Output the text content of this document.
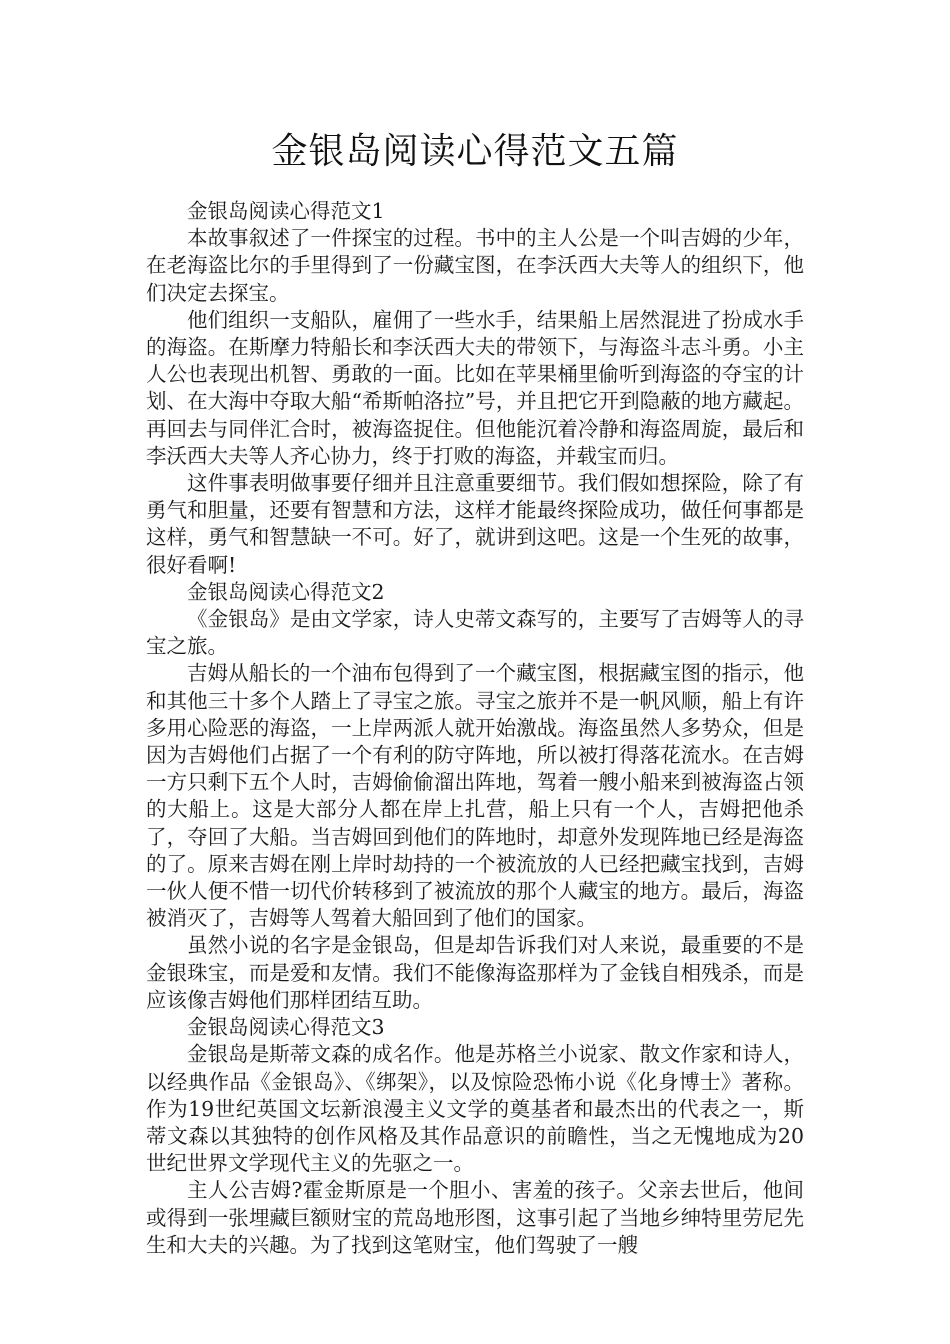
金银岛阅读心得范文五篇

金银岛阅读心得范文1

本故事叙述了一件探宝的过程。书中的主人公是一个叫吉姆的少年，在老海盗比尔的手里得到了一份藏宝图，在李沃西大夫等人的组织下，他们决定去探宝。

他们组织一支船队，雇佣了一些水手，结果船上居然混进了扮成水手的海盗。在斯摩力特船长和李沃西大夫的带领下，与海盗斗志斗勇。小主人公也表现出机智、勇敢的一面。比如在苹果桶里偷听到海盗的夺宝的计划、在大海中夺取大船“希斯帕洛拉”号，并且把它开到隐蔽的地方藏起。再回去与同伴汇合时，被海盗捉住。但他能沉着冷静和海盗周旋，最后和李沃西大夫等人齐心协力，终于打败的海盗，并载宝而归。

这件事表明做事要仔细并且注意重要细节。我们假如想探险，除了有勇气和胆量，还要有智慧和方法，这样才能最终探险成功，做任何事都是这样，勇气和智慧缺一不可。好了，就讲到这吧。这是一个生死的故事，很好看啊!

金银岛阅读心得范文2

《金银岛》是由文学家，诗人史蒂文森写的，主要写了吉姆等人的寻宝之旅。

吉姆从船长的一个油布包得到了一个藏宝图，根据藏宝图的指示，他和其他三十多个人踏上了寻宝之旅。寻宝之旅并不是一帆风顺，船上有许多用心险恶的海盗，一上岸两派人就开始激战。海盗虽然人多势众，但是因为吉姆他们占据了一个有利的防守阵地，所以被打得落花流水。在吉姆一方只剩下五个人时，吉姆偷偷溜出阵地，驾着一艘小船来到被海盗占领的大船上。这是大部分人都在岸上扎营，船上只有一个人，吉姆把他杀了，夺回了大船。当吉姆回到他们的阵地时，却意外发现阵地已经是海盗的了。原来吉姆在刚上岸时劫持的一个被流放的人已经把藏宝找到，吉姆一伙人便不惜一切代价转移到了被流放的那个人藏宝的地方。最后，海盗被消灭了，吉姆等人驾着大船回到了他们的国家。

虽然小说的名字是金银岛，但是却告诉我们对人来说，最重要的不是金银珠宝，而是爱和友情。我们不能像海盗那样为了金钱自相残杀，而是应该像吉姆他们那样团结互助。

金银岛阅读心得范文3

金银岛是斯蒂文森的成名作。他是苏格兰小说家、散文作家和诗人，以经典作品《金银岛》、《绑架》，以及惊险恐怖小说《化身博士》著称。作为19世纪英国文坛新浪漫主义文学的奠基者和最杰出的代表之一，斯蒂文森以其独特的创作风格及其作品意识的前瞻性，当之无愧地成为20世纪世界文学现代主义的先驱之一。

主人公吉姆?霍金斯原是一个胆小、害羞的孩子。父亲去世后，他间或得到一张埋藏巨额财宝的荒岛地形图，这事引起了当地乡绅特里劳尼先生和大夫的兴趣。为了找到这笔财宝，他们驾驶了一艘
